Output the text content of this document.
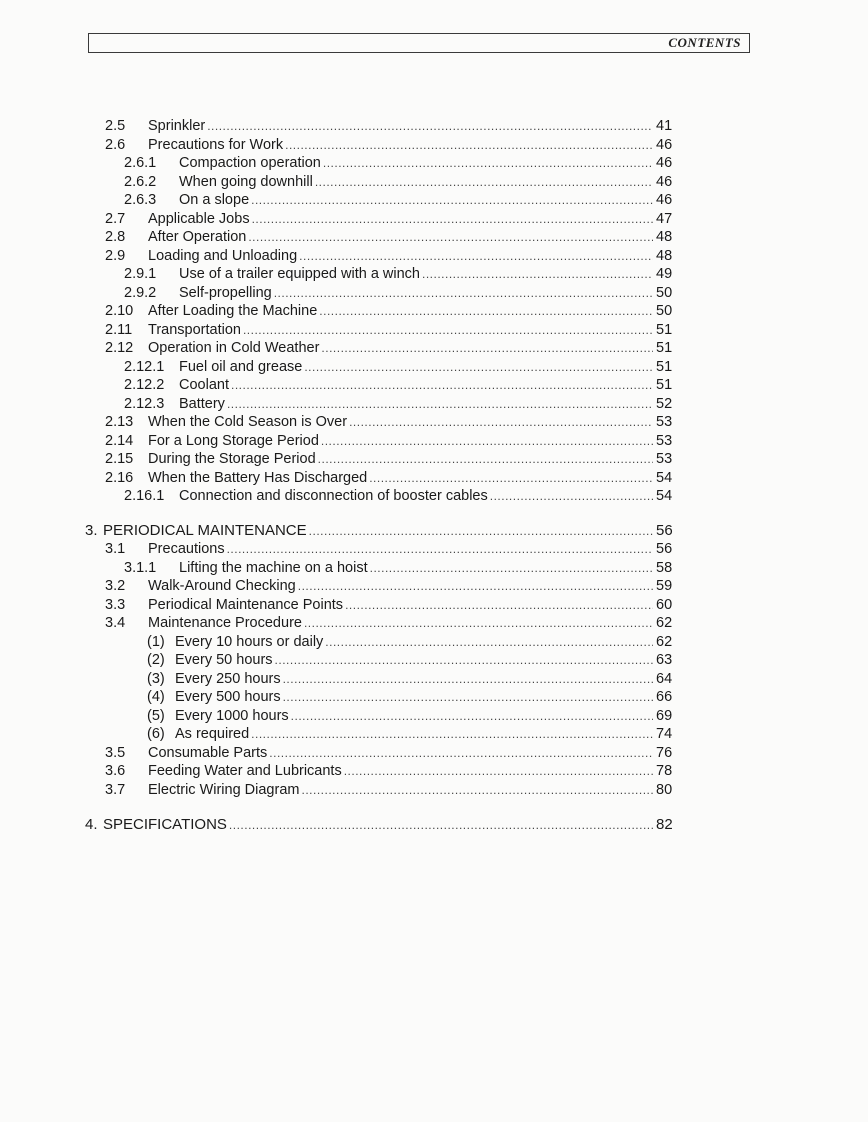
CONTENTS
2.5	Sprinkler .....	41
2.6	Precautions for Work .....	46
2.6.1	Compaction operation .....	46
2.6.2	When going downhill .....	46
2.6.3	On a slope .....	46
2.7	Applicable Jobs .....	47
2.8	After Operation .....	48
2.9	Loading and Unloading .....	48
2.9.1	Use of a trailer equipped with a winch .....	49
2.9.2	Self-propelling .....	50
2.10	After Loading the Machine .....	50
2.11	Transportation .....	51
2.12	Operation in Cold Weather .....	51
2.12.1	Fuel oil and grease .....	51
2.12.2	Coolant .....	51
2.12.3	Battery .....	52
2.13	When the Cold Season is Over .....	53
2.14	For a Long Storage Period .....	53
2.15	During the Storage Period .....	53
2.16	When the Battery Has Discharged .....	54
2.16.1	Connection and disconnection of booster cables .....	54
3. PERIODICAL MAINTENANCE .....	56
3.1	Precautions .....	56
3.1.1	Lifting the machine on a hoist .....	58
3.2	Walk-Around Checking .....	59
3.3	Periodical Maintenance Points .....	60
3.4	Maintenance Procedure .....	62
(1) Every 10 hours or daily .....	62
(2) Every 50 hours .....	63
(3) Every 250 hours .....	64
(4) Every 500 hours .....	66
(5) Every 1000 hours .....	69
(6) As required .....	74
3.5	Consumable Parts .....	76
3.6	Feeding Water and Lubricants .....	78
3.7	Electric Wiring Diagram .....	80
4. SPECIFICATIONS .....	82
